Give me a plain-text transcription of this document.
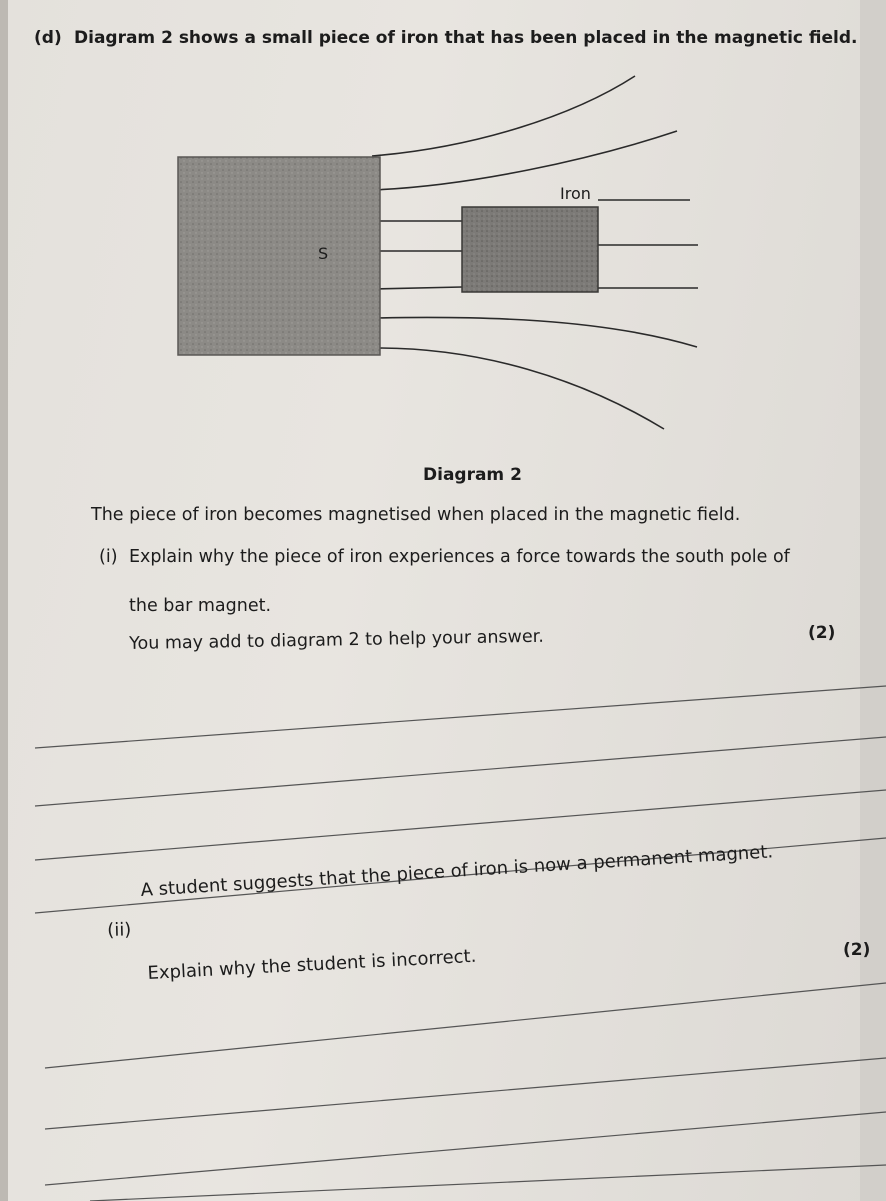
(d) Diagram 2 shows a small piece of iron that has been placed in the magnetic field.
S
Iron
Diagram 2
The piece of iron becomes magnetised when placed in the magnetic field.
(i) Explain why the piece of iron experiences a force towards the south pole of
the bar magnet.
You may add to diagram 2 to help your answer.	(2)
(ii)
A student suggests that the piece of iron is now a permanent magnet.
Explain why the student is incorrect.	(2)
